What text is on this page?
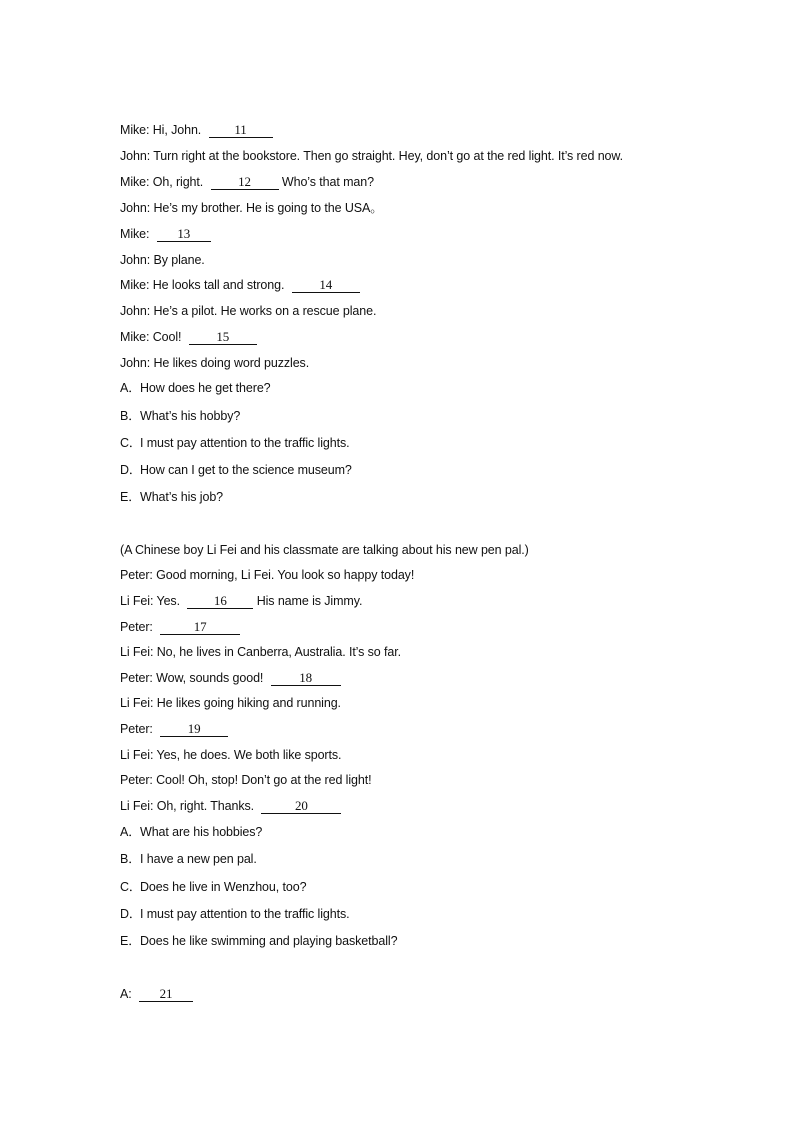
Mike: Hi, John. 11
John: Turn right at the bookstore. Then go straight. Hey, don’t go at the red light. It’s red now.
Mike: Oh, right. 12 Who’s that man?
John: He’s my brother. He is going to the USA。
Mike: 13
John: By plane.
Mike: He looks tall and strong. 14
John: He’s a pilot. He works on a rescue plane.
Mike: Cool! 15
John: He likes doing word puzzles.
A．How does he get there?
B．What’s his hobby?
C．I must pay attention to the traffic lights.
D．How can I get to the science museum?
E．What’s his job?
(A Chinese boy Li Fei and his classmate are talking about his new pen pal.)
Peter: Good morning, Li Fei. You look so happy today!
Li Fei: Yes. 16 His name is Jimmy.
Peter:	17
Li Fei: No, he lives in Canberra, Australia. It’s so far.
Peter: Wow, sounds good!	18
Li Fei: He likes going hiking and running.
Peter: 19
Li Fei: Yes, he does. We both like sports.
Peter: Cool! Oh, stop! Don’t go at the red light!
Li Fei: Oh, right. Thanks.	20
A．What are his hobbies?
B．I have a new pen pal.
C．Does he live in Wenzhou, too?
D．I must pay attention to the traffic lights.
E．Does he like swimming and playing basketball?
A: 21
